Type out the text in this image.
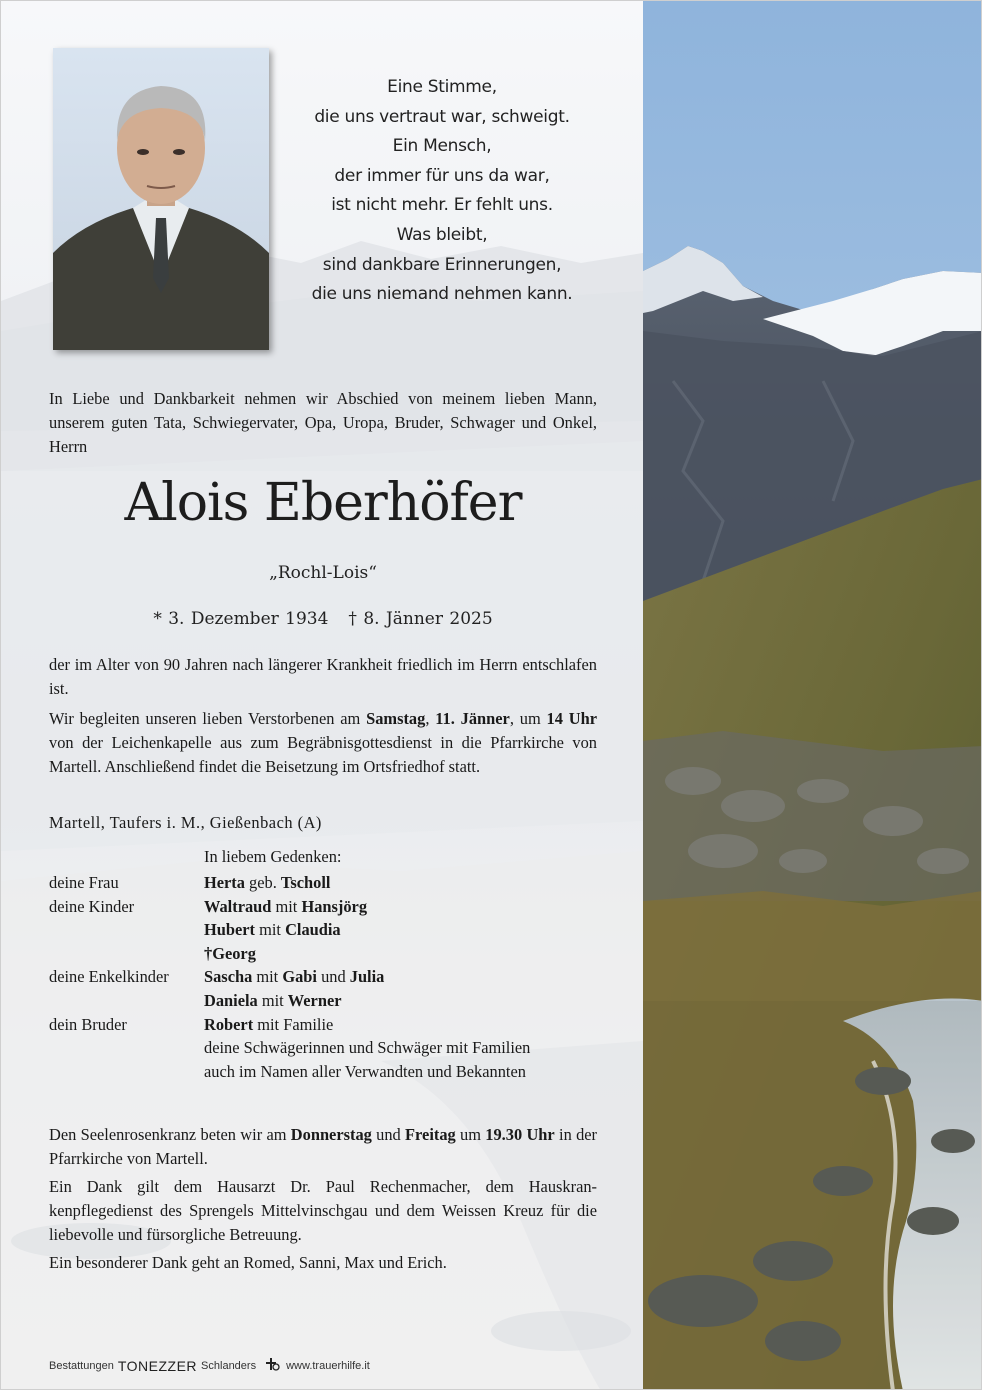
Eine Stimme,
die uns vertraut war, schweigt.
Ein Mensch,
der immer für uns da war,
ist nicht mehr. Er fehlt uns.
Was bleibt,
sind dankbare Erinnerungen,
die uns niemand nehmen kann.
In Liebe und Dankbarkeit nehmen wir Abschied von meinem lieben Mann, unserem guten Tata, Schwiegervater, Opa, Uropa, Bruder, Schwager und Onkel, Herrn
Alois Eberhöfer
„Rochl-Lois“
* 3. Dezember 1934 † 8. Jänner 2025
der im Alter von 90 Jahren nach längerer Krankheit friedlich im Herrn entschlafen ist.
Wir begleiten unseren lieben Verstorbenen am Samstag, 11. Jänner, um 14 Uhr von der Leichenkapelle aus zum Begräbnisgottesdienst in die Pfarrkirche von Martell. Anschließend findet die Beisetzung im Ortsfriedhof statt.
Martell, Taufers i. M., Gießenbach (A)
In liebem Gedenken:
deine Frau	Herta geb. Tscholl
deine Kinder	Waltraud mit Hansjörg
Hubert mit Claudia
†Georg
deine Enkelkinder	Sascha mit Gabi und Julia
Daniela mit Werner
dein Bruder	Robert mit Familie
deine Schwägerinnen und Schwäger mit Familien
auch im Namen aller Verwandten und Bekannten
Den Seelenrosenkranz beten wir am Donnerstag und Freitag um 19.30 Uhr in der Pfarrkirche von Martell.
Ein Dank gilt dem Hausarzt Dr. Paul Rechenmacher, dem Hauskran-kenpflegedienst des Sprengels Mittelvinschgau und dem Weissen Kreuz für die liebevolle und fürsorgliche Betreuung.
Ein besonderer Dank geht an Romed, Sanni, Max und Erich.
Bestattungen TONEZZER Schlanders	www.trauerhilfe.it
